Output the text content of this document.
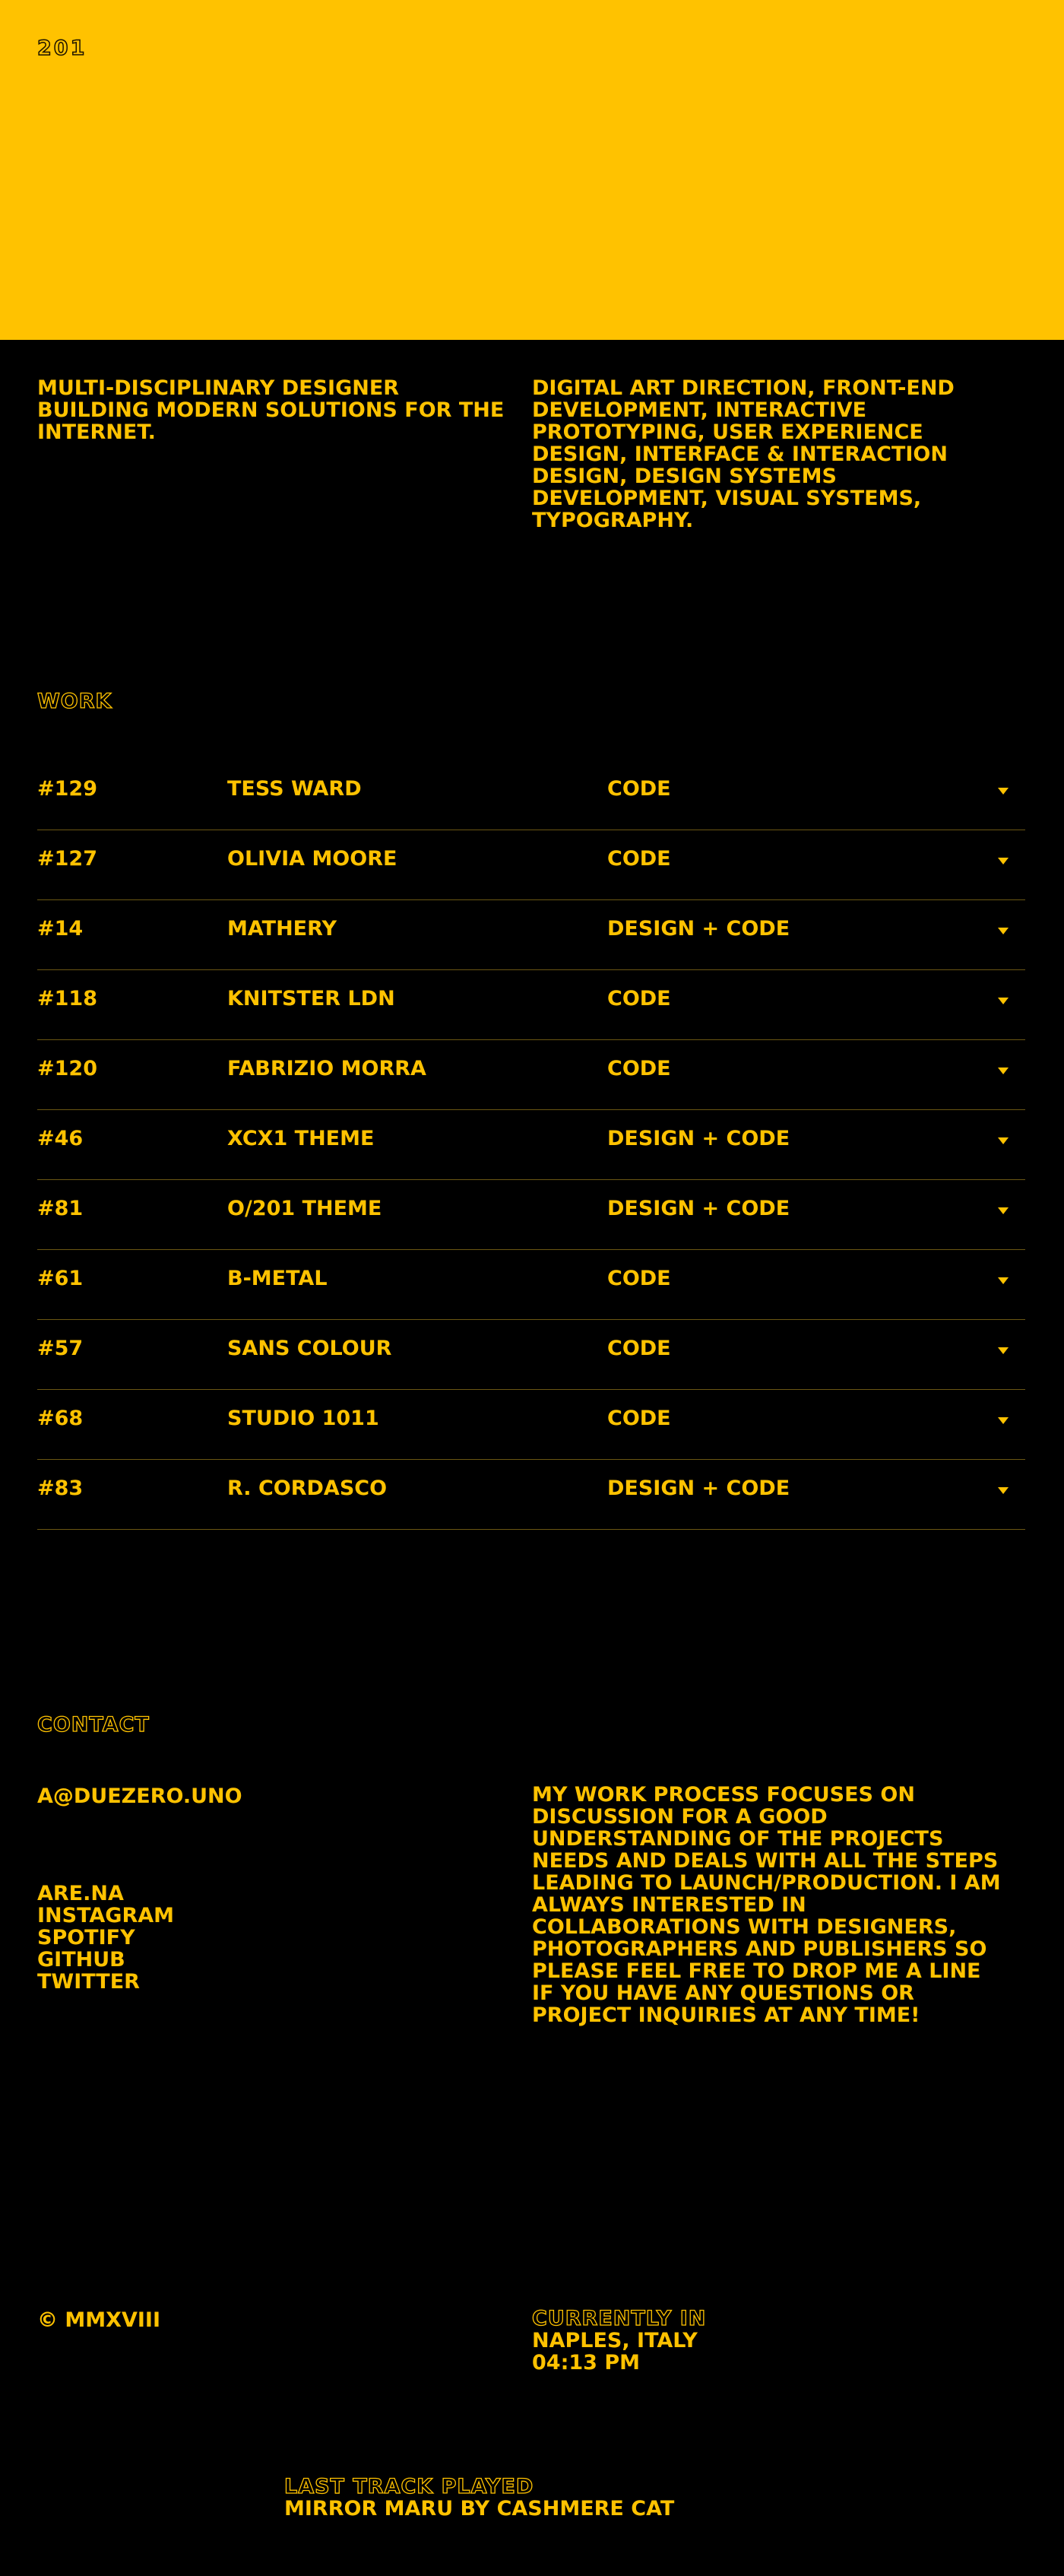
201

MULTI-DISCIPLINARY DESIGNER BUILDING MODERN SOLUTIONS FOR THE INTERNET.

DIGITAL ART DIRECTION, FRONT-END DEVELOPMENT, INTERACTIVE PROTOTYPING, USER EXPERIENCE DESIGN, INTERFACE & INTERACTION DESIGN, DESIGN SYSTEMS DEVELOPMENT, VISUAL SYSTEMS, TYPOGRAPHY.

WORK
#129	TESS WARD	CODE
#127	OLIVIA MOORE	CODE
#14	MATHERY	DESIGN + CODE
#118	KNITSTER LDN	CODE
#120	FABRIZIO MORRA	CODE
#46	XCX1 THEME	DESIGN + CODE
#81	O/201 THEME	DESIGN + CODE
#61	B-METAL	CODE
#57	SANS COLOUR	CODE
#68	STUDIO 1011	CODE
#83	R. CORDASCO	DESIGN + CODE
CONTACT
A@DUEZERO.UNO
ARE.NA
INSTAGRAM
SPOTIFY
GITHUB
TWITTER

MY WORK PROCESS FOCUSES ON DISCUSSION FOR A GOOD UNDERSTANDING OF THE PROJECTS NEEDS AND DEALS WITH ALL THE STEPS LEADING TO LAUNCH/PRODUCTION. I AM ALWAYS INTERESTED IN COLLABORATIONS WITH DESIGNERS, PHOTOGRAPHERS AND PUBLISHERS SO PLEASE FEEL FREE TO DROP ME A LINE IF YOU HAVE ANY QUESTIONS OR PROJECT INQUIRIES AT ANY TIME!

© MMXVIII	CURRENTLY IN
NAPLES, ITALY
04:13 PM
LAST TRACK PLAYED
MIRROR MARU BY CASHMERE CAT
